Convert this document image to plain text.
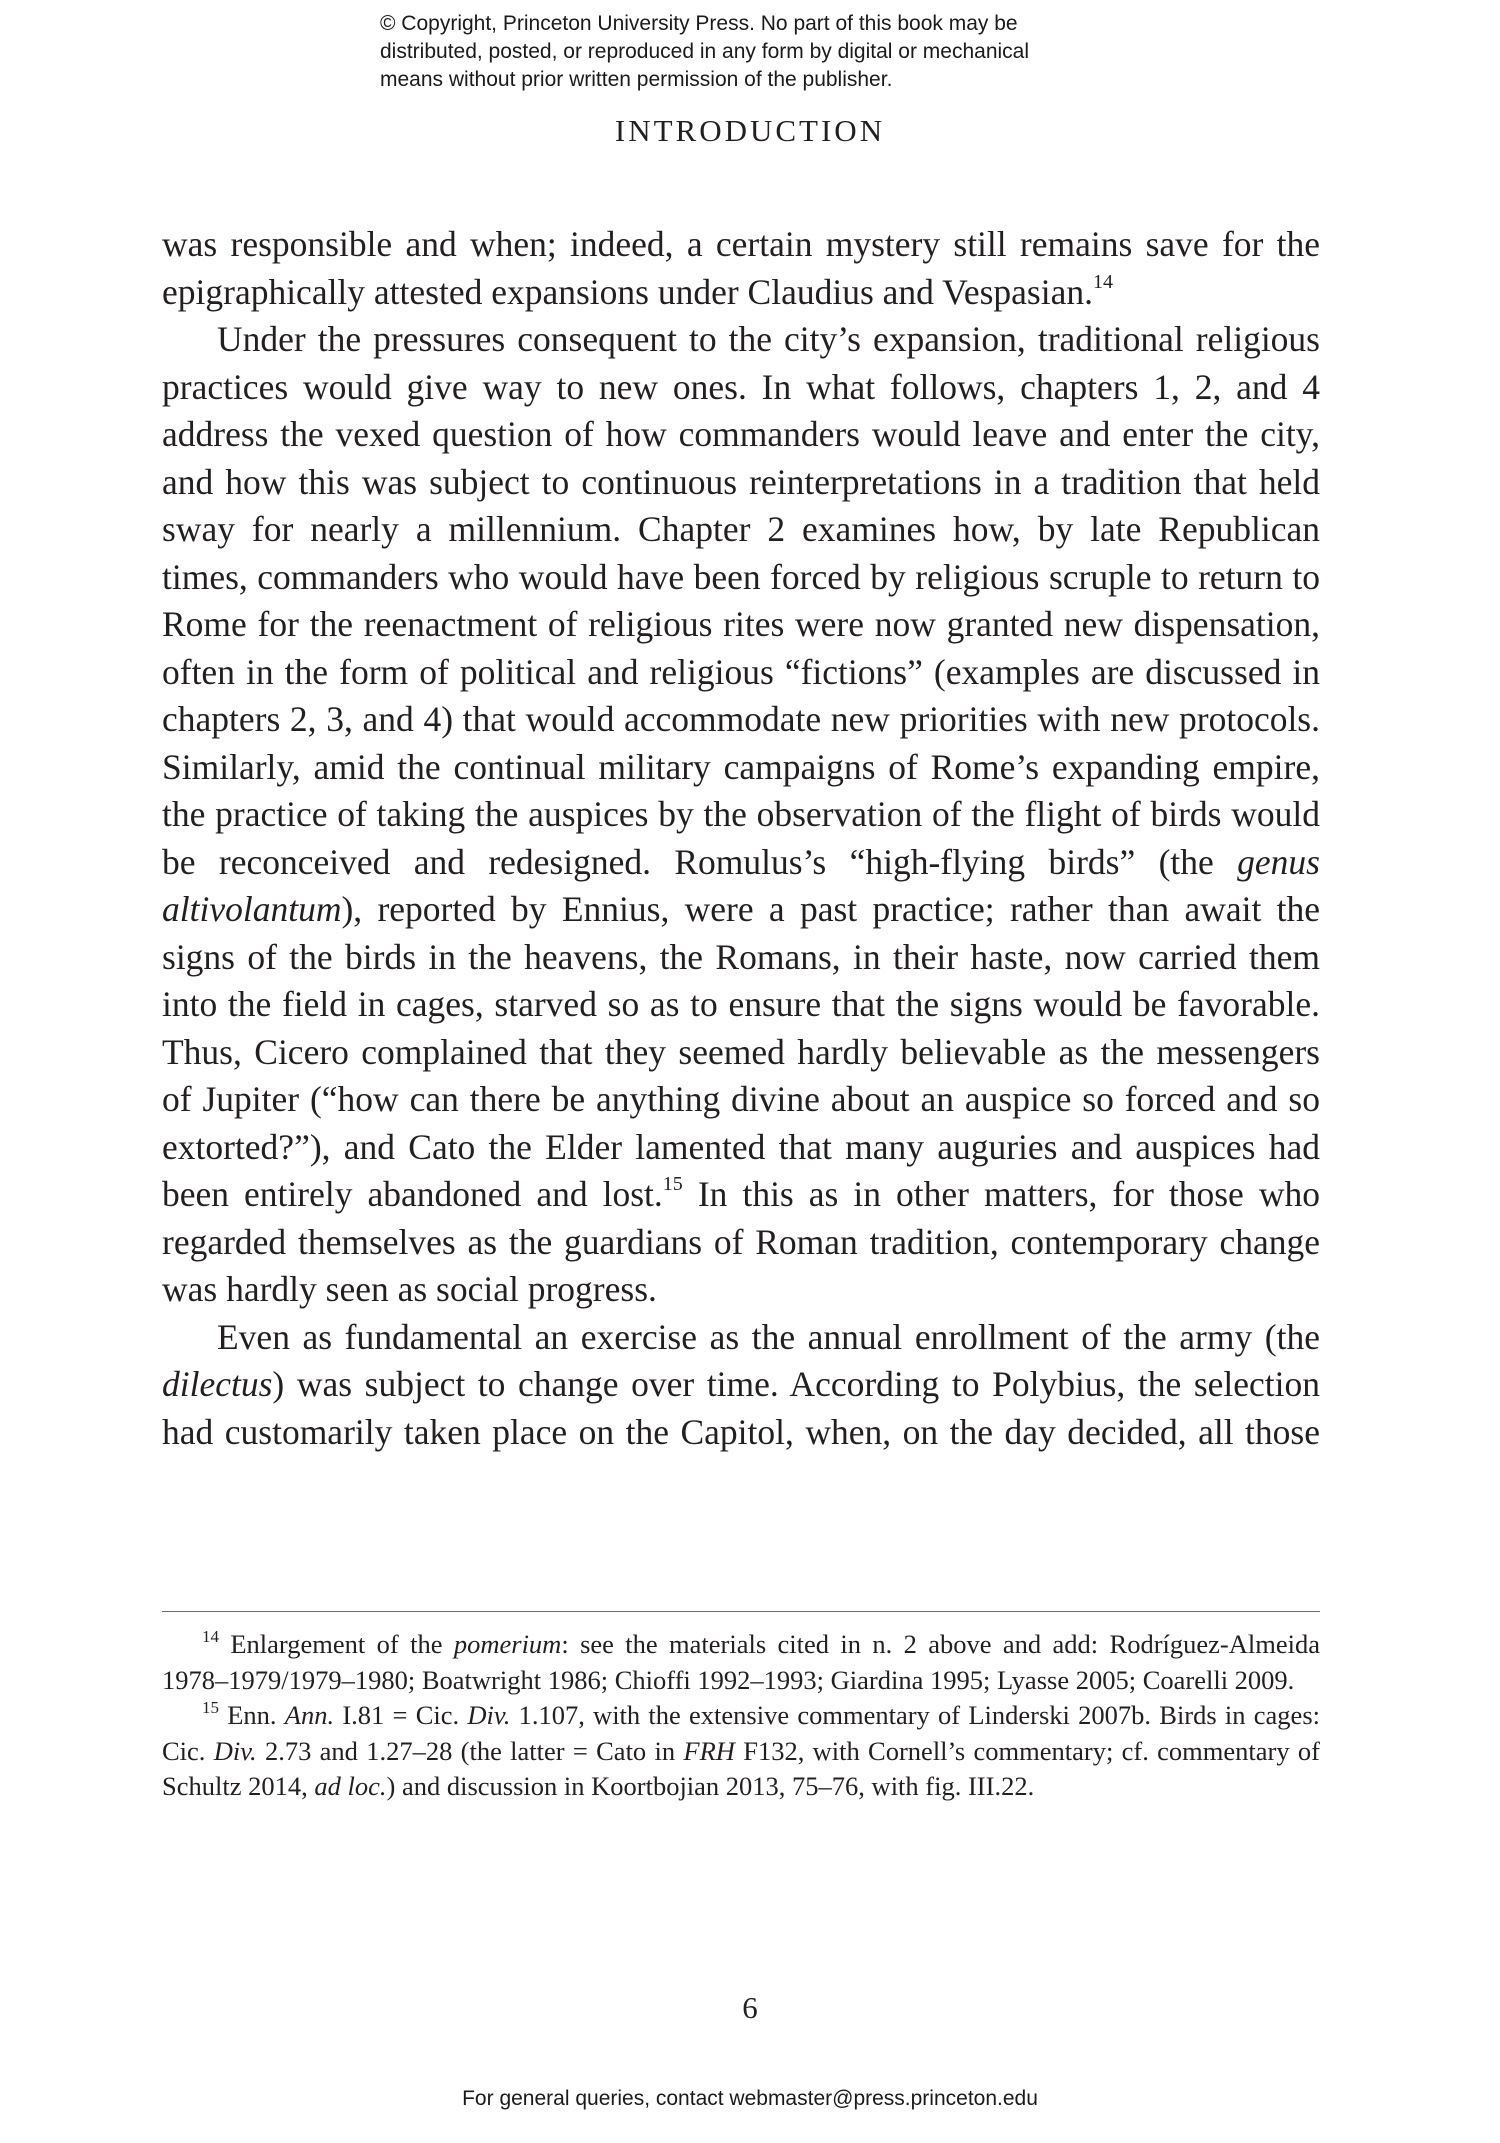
© Copyright, Princeton University Press. No part of this book may be
distributed, posted, or reproduced in any form by digital or mechanical
means without prior written permission of the publisher.
INTRODUCTION

was responsible and when; indeed, a certain mystery still remains save for the epigraphically attested expansions under Claudius and Vespasian.$^{14}$

Under the pressures consequent to the city’s expansion, traditional religious practices would give way to new ones. In what follows, chapters 1, 2, and 4 address the vexed question of how commanders would leave and enter the city, and how this was subject to continuous reinterpretations in a tradition that held sway for nearly a millennium. Chapter 2 examines how, by late Republican times, commanders who would have been forced by religious scruple to return to Rome for the reenactment of religious rites were now granted new dispensation, often in the form of political and religious “fictions” (examples are discussed in chapters 2, 3, and 4) that would accommodate new priorities with new protocols. Similarly, amid the continual military campaigns of Rome’s expanding empire, the practice of taking the auspices by the observation of the flight of birds would be reconceived and redesigned. Romulus’s “high-flying birds” (the genus altivolantum), reported by Ennius, were a past practice; rather than await the signs of the birds in the heavens, the Romans, in their haste, now carried them into the field in cages, starved so as to ensure that the signs would be favorable. Thus, Cicero complained that they seemed hardly believable as the messengers of Jupiter (“how can there be anything divine about an auspice so forced and so extorted?”), and Cato the Elder lamented that many auguries and auspices had been entirely abandoned and lost.$^{15}$ In this as in other matters, for those who regarded themselves as the guardians of Roman tradition, contemporary change was hardly seen as social progress.

Even as fundamental an exercise as the annual enrollment of the army (the dilectus) was subject to change over time. According to Polybius, the selection had customarily taken place on the Capitol, when, on the day decided, all those

$^{14}$ Enlargement of the pomerium: see the materials cited in n. 2 above and add: Rodríguez-Almeida 1978–1979/1979–1980; Boatwright 1986; Chioffi 1992–1993; Giardina 1995; Lyasse 2005; Coarelli 2009.

$^{15}$ Enn. Ann. I.81 = Cic. Div. 1.107, with the extensive commentary of Linderski 2007b. Birds in cages: Cic. Div. 2.73 and 1.27–28 (the latter = Cato in FRH F132, with Cornell’s commentary; cf. commentary of Schultz 2014, ad loc.) and discussion in Koortbojian 2013, 75–76, with fig. III.22.

6
For general queries, contact webmaster@press.princeton.edu
